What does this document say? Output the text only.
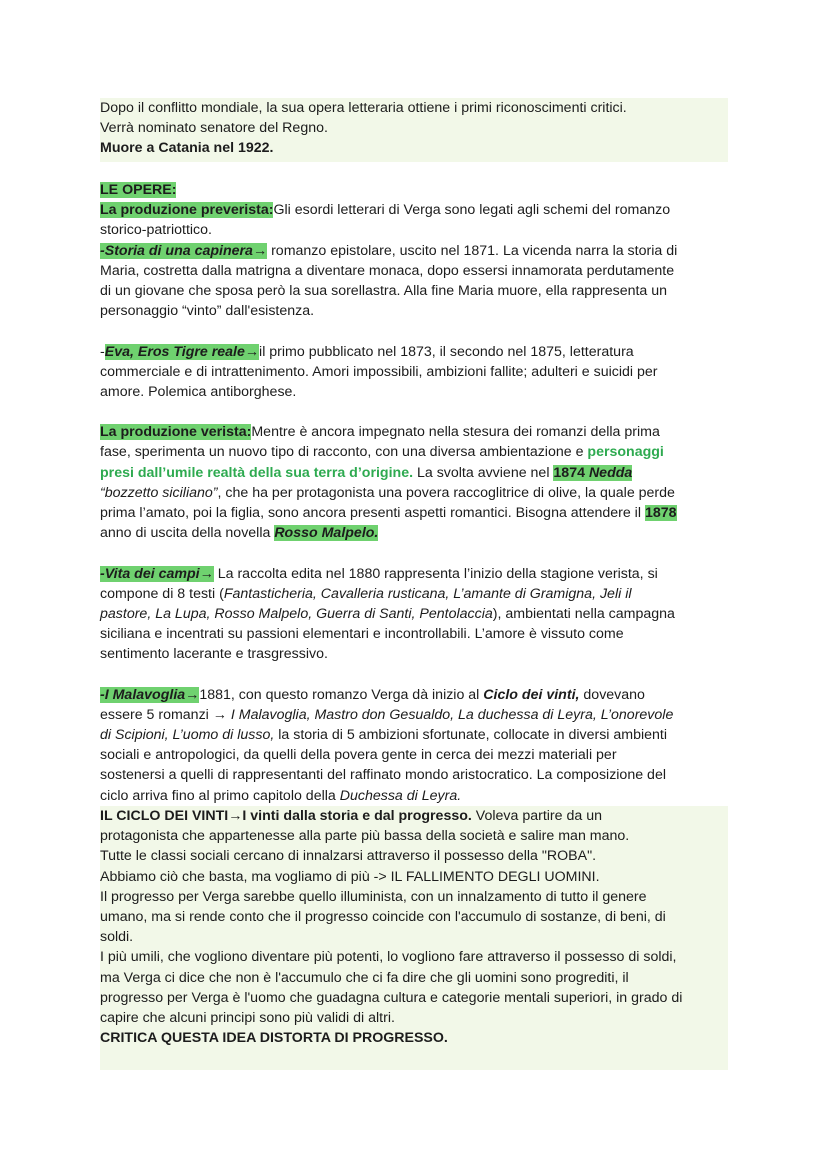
Dopo il conflitto mondiale, la sua opera letteraria ottiene i primi riconoscimenti critici.
Verrà nominato senatore del Regno.
Muore a Catania nel 1922.
LE OPERE:
La produzione preverista:Gli esordi letterari di Verga sono legati agli schemi del romanzo
storico-patriottico.
-Storia di una capinera→ romanzo epistolare, uscito nel 1871. La vicenda narra la storia di
Maria, costretta dalla matrigna a diventare monaca, dopo essersi innamorata perdutamente
di un giovane che sposa però la sua sorellastra. Alla fine Maria muore, ella rappresenta un
personaggio “vinto” dall'esistenza.
-Eva, Eros Tigre reale→il primo pubblicato nel 1873, il secondo nel 1875, letteratura
commerciale e di intrattenimento. Amori impossibili, ambizioni fallite; adulteri e suicidi per
amore. Polemica antiborghese.
La produzione verista:Mentre è ancora impegnato nella stesura dei romanzi della prima
fase, sperimenta un nuovo tipo di racconto, con una diversa ambientazione e personaggi
presi dall’umile realtà della sua terra d’origine. La svolta avviene nel 1874 Nedda
“bozzetto siciliano”, che ha per protagonista una povera raccoglitrice di olive, la quale perde
prima l’amato, poi la figlia, sono ancora presenti aspetti romantici. Bisogna attendere il 1878
anno di uscita della novella Rosso Malpelo.
-Vita dei campi→ La raccolta edita nel 1880 rappresenta l’inizio della stagione verista, si
compone di 8 testi (Fantasticheria, Cavalleria rusticana, L’amante di Gramigna, Jeli il
pastore, La Lupa, Rosso Malpelo, Guerra di Santi, Pentolaccia), ambientati nella campagna
siciliana e incentrati su passioni elementari e incontrollabili. L’amore è vissuto come
sentimento lacerante e trasgressivo.
-I Malavoglia→1881, con questo romanzo Verga dà inizio al Ciclo dei vinti, dovevano
essere 5 romanzi → I Malavoglia, Mastro don Gesualdo, La duchessa di Leyra, L’onorevole
di Scipioni, L’uomo di lusso, la storia di 5 ambizioni sfortunate, collocate in diversi ambienti
sociali e antropologici, da quelli della povera gente in cerca dei mezzi materiali per
sostenersi a quelli di rappresentanti del raffinato mondo aristocratico. La composizione del
ciclo arriva fino al primo capitolo della Duchessa di Leyra.
IL CICLO DEI VINTI→I vinti dalla storia e dal progresso. Voleva partire da un
protagonista che appartenesse alla parte più bassa della società e salire man mano.
Tutte le classi sociali cercano di innalzarsi attraverso il possesso della "ROBA".
Abbiamo ciò che basta, ma vogliamo di più -> IL FALLIMENTO DEGLI UOMINI.
Il progresso per Verga sarebbe quello illuminista, con un innalzamento di tutto il genere
umano, ma si rende conto che il progresso coincide con l'accumulo di sostanze, di beni, di
soldi.
I più umili, che vogliono diventare più potenti, lo vogliono fare attraverso il possesso di soldi,
ma Verga ci dice che non è l'accumulo che ci fa dire che gli uomini sono progrediti, il
progresso per Verga è l'uomo che guadagna cultura e categorie mentali superiori, in grado di
capire che alcuni principi sono più validi di altri.
CRITICA QUESTA IDEA DISTORTA DI PROGRESSO.
